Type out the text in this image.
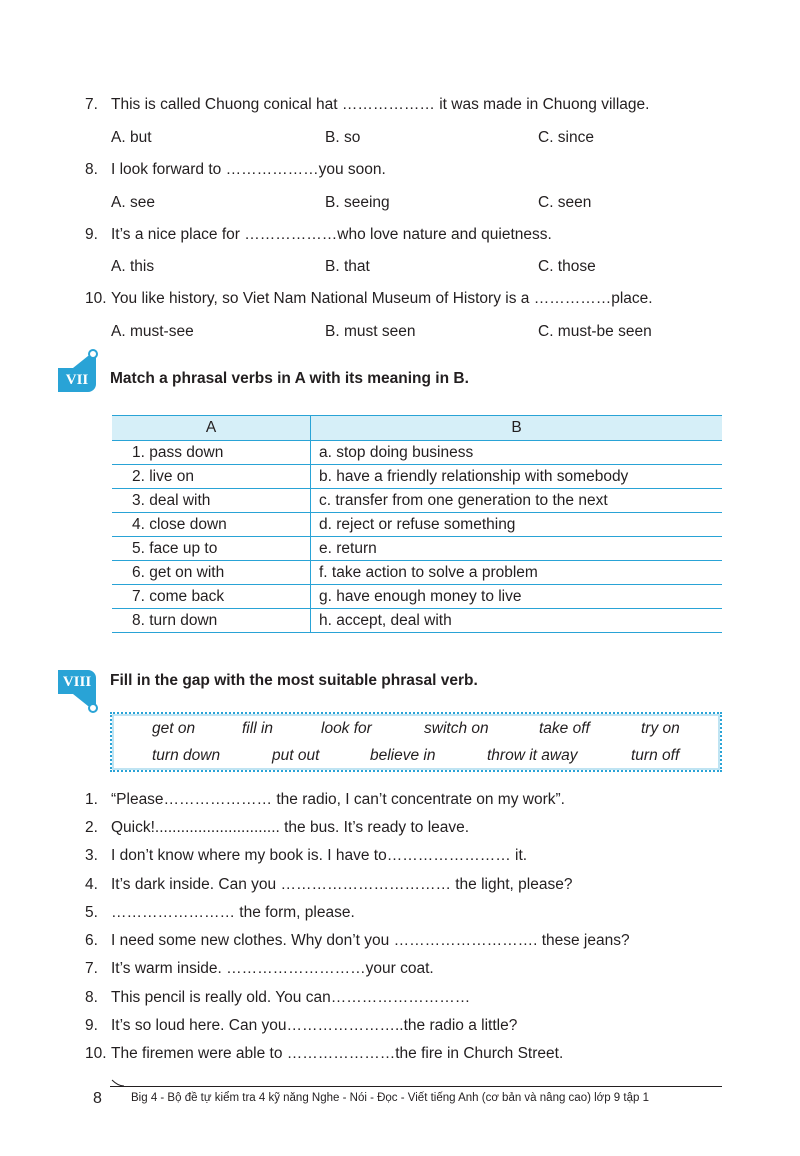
7. This is called Chuong conical hat ……………… it was made in Chuong village.
A. but	B. so	C. since
8. I look forward to ………………you soon.
A. see	B. seeing	C. seen
9. It’s a nice place for ………………who love nature and quietness.
A. this	B. that	C. those
10. You like history, so Viet Nam National Museum of History is a ……………place.
A. must-see	B. must seen	C. must-be seen
VII	Match a phrasal verbs in A with its meaning in B.
A	B
1. pass down	a. stop doing business
2. live on	b. have a friendly relationship with somebody
3. deal with	c. transfer from one generation to the next
4. close down	d. reject or refuse something
5. face up to	e. return
6. get on with	f. take action to solve a problem
7. come back	g. have enough money to live
8. turn down	h. accept, deal with
VIII	Fill in the gap with the most suitable phrasal verb.
get on	fill in	look for	switch on	take off	try on
turn down	put out	believe in	throw it away	turn off
1. “Please………………… the radio, I can’t concentrate on my work”.
2. Quick!............................. the bus. It’s ready to leave.
3. I don’t know where my book is. I have to…………………… it.
4. It’s dark inside. Can you …………………………… the light, please?
5. …………………… the form, please.
6. I need some new clothes. Why don’t you ………………………. these jeans?
7. It’s warm inside. ………………………your coat.
8. This pencil is really old. You can………………………
9. It’s so loud here. Can you…………………..the radio a little?
10. The firemen were able to …………………the fire in Church Street.
8	Big 4 - Bộ đề tự kiểm tra 4 kỹ năng Nghe - Nói - Đọc - Viết tiếng Anh (cơ bản và nâng cao) lớp 9 tập 1
